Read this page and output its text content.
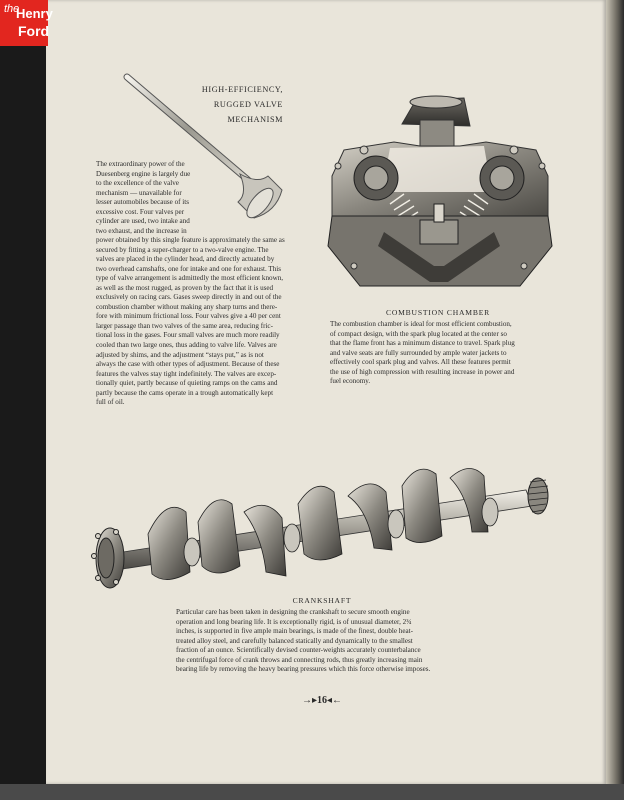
the
Henry
Ford
HIGH-EFFICIENCY,
RUGGED VALVE
MECHANISM

The extraordinary power of the
Duesenberg engine is largely due
to the excellence of the valve
mechanism — unavailable for
lesser automobiles because of its
excessive cost. Four valves per
cylinder are used, two intake and
two exhaust, and the increase in

power obtained by this single feature is approximately the same as
secured by fitting a super-charger to a two-valve engine. The
valves are placed in the cylinder head, and directly actuated by
two overhead camshafts, one for intake and one for exhaust. This
type of valve arrangement is admittedly the most efficient known,
as well as the most rugged, as proven by the fact that it is used
exclusively on racing cars. Gases sweep directly in and out of the
combustion chamber without making any sharp turns and there-
fore with minimum frictional loss. Four valves give a 40 per cent
larger passage than two valves of the same area, reducing fric-
tional loss in the gases. Four small valves are much more readily
cooled than two large ones, thus adding to valve life. Valves are
adjusted by shims, and the adjustment “stays put,” as is not
always the case with other types of adjustment. Because of these
features the valves stay tight indefinitely. The valves are excep-
tionally quiet, partly because of quieting ramps on the cams and
partly because the cams operate in a trough automatically kept
full of oil.

COMBUSTION CHAMBER

The combustion chamber is ideal for most efficient combustion,
of compact design, with the spark plug located at the center so
that the flame front has a minimum distance to travel. Spark plug
and valve seats are fully surrounded by ample water jackets to
effectively cool spark plug and valves. All these features permit
the use of high compression with resulting increase in power and
fuel economy.

CRANKSHAFT

Particular care has been taken in designing the crankshaft to secure smooth engine
operation and long bearing life. It is exceptionally rigid, is of unusual diameter, 2¾
inches, is supported in five ample main bearings, is made of the finest, double heat-
treated alloy steel, and carefully balanced statically and dynamically to the smallest
fraction of an ounce. Scientifically devised counter-weights accurately counterbalance
the centrifugal force of crank throws and connecting rods, thus greatly increasing main
bearing life by removing the heavy bearing pressures which this force otherwise imposes.

→▸16◂←
